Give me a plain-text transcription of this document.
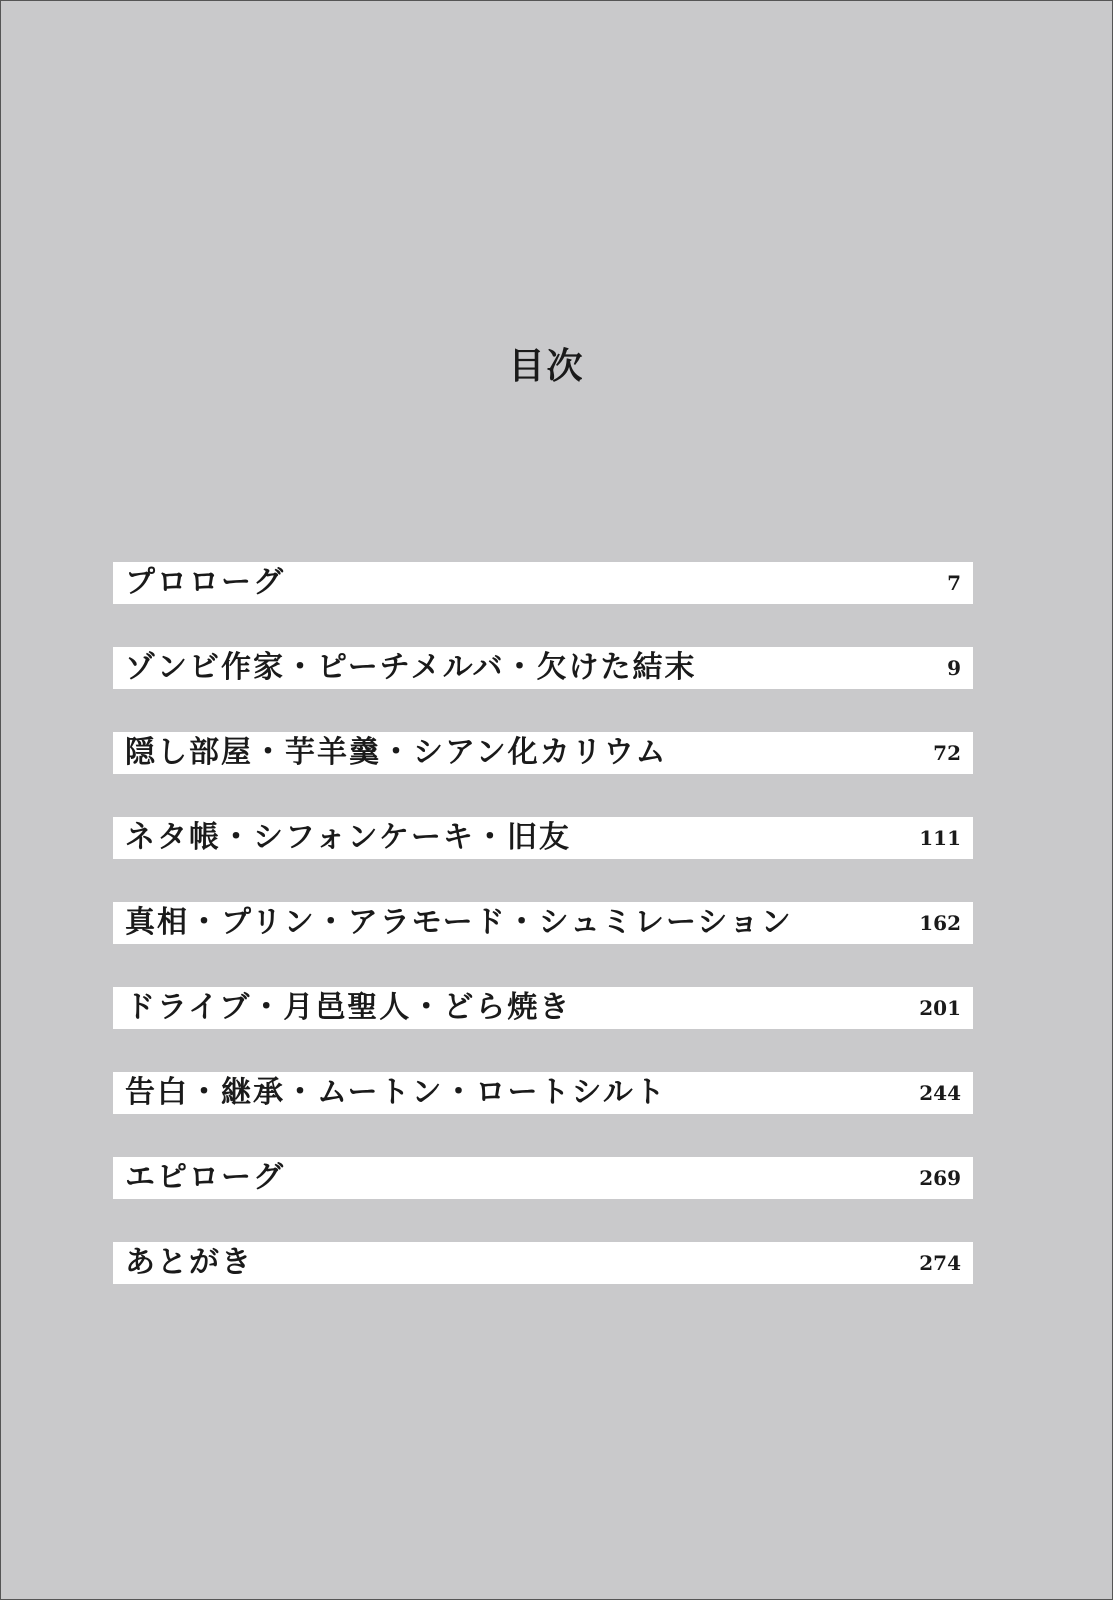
目次
プロローグ	7
ゾンビ作家・ピーチメルバ・欠けた結末	9
隠し部屋・芋羊羹・シアン化カリウム	72
ネタ帳・シフォンケーキ・旧友	111
真相・プリン・アラモード・シュミレーション	162
ドライブ・月邑聖人・どら焼き	201
告白・継承・ムートン・ロートシルト	244
エピローグ	269
あとがき	274
